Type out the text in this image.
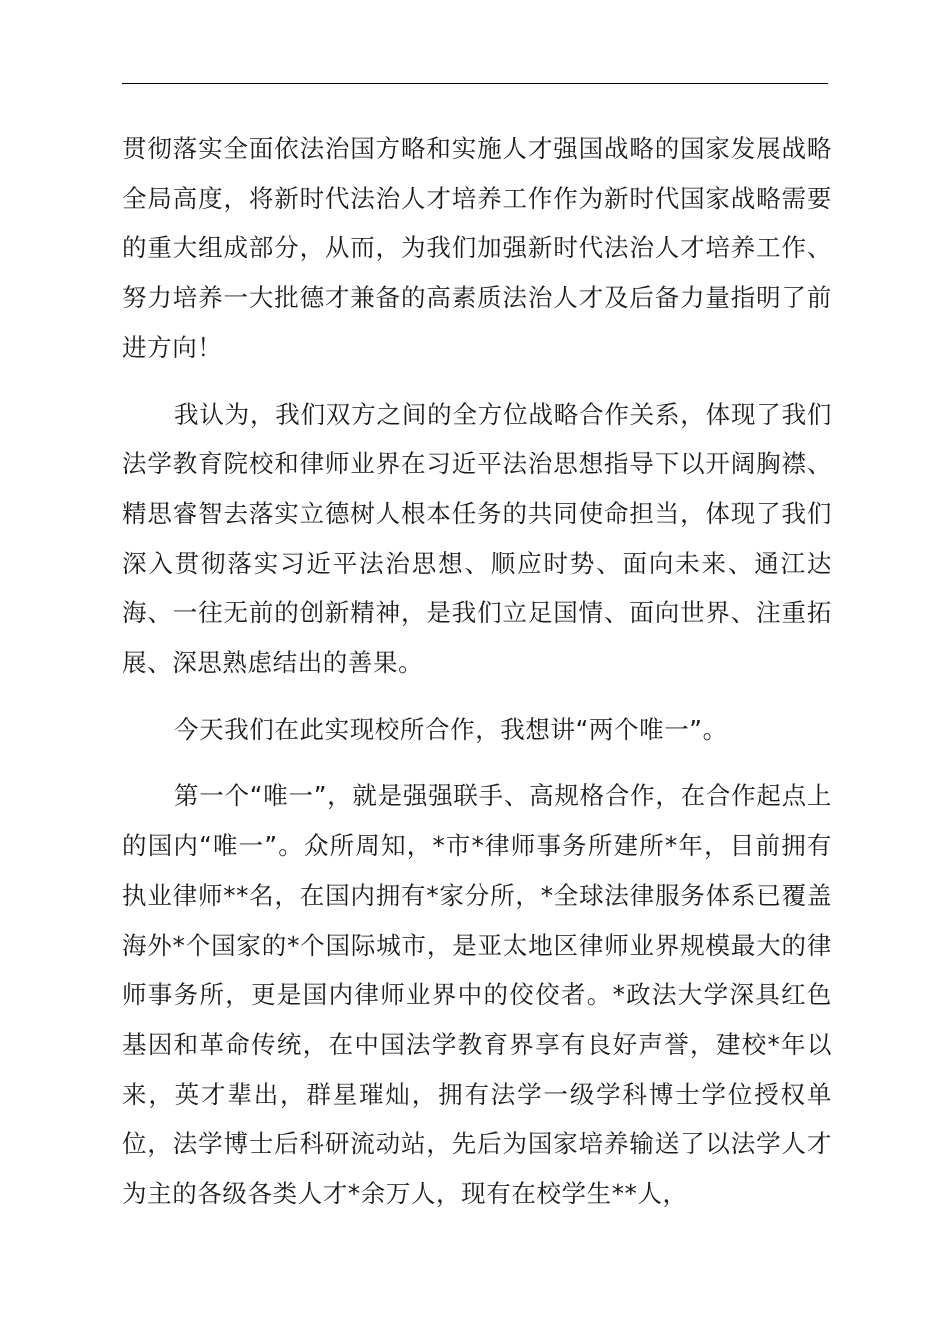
贯彻落实全面依法治国方略和实施人才强国战略的国家发展战略全局高度，将新时代法治人才培养工作作为新时代国家战略需要的重大组成部分，从而，为我们加强新时代法治人才培养工作、努力培养一大批德才兼备的高素质法治人才及后备力量指明了前进方向！

我认为，我们双方之间的全方位战略合作关系，体现了我们法学教育院校和律师业界在习近平法治思想指导下以开阔胸襟、精思睿智去落实立德树人根本任务的共同使命担当，体现了我们深入贯彻落实习近平法治思想、顺应时势、面向未来、通江达海、一往无前的创新精神，是我们立足国情、面向世界、注重拓展、深思熟虑结出的善果。

今天我们在此实现校所合作，我想讲“两个唯一”。

第一个“唯一”，就是强强联手、高规格合作，在合作起点上的国内“唯一”。众所周知，*市*律师事务所建所*年，目前拥有执业律师**名，在国内拥有*家分所，*全球法律服务体系已覆盖海外*个国家的*个国际城市，是亚太地区律师业界规模最大的律师事务所，更是国内律师业界中的佼佼者。*政法大学深具红色基因和革命传统，在中国法学教育界享有良好声誉，建校*年以来，英才辈出，群星璀灿，拥有法学一级学科博士学位授权单位，法学博士后科研流动站，先后为国家培养输送了以法学人才为主的各级各类人才*余万人，现有在校学生**人，
